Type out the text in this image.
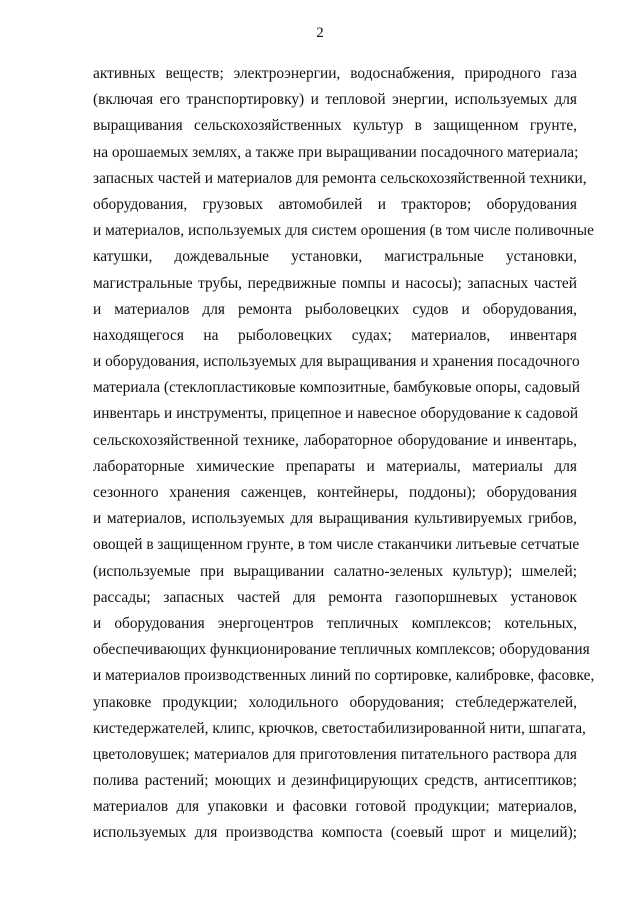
2
активных веществ; электроэнергии, водоснабжения, природного газа
(включая его транспортировку) и тепловой энергии, используемых для
выращивания сельскохозяйственных культур в защищенном грунте,
на орошаемых землях, а также при выращивании посадочного материала;
запасных частей и материалов для ремонта сельскохозяйственной техники,
оборудования, грузовых автомобилей и тракторов; оборудования
и материалов, используемых для систем орошения (в том числе поливочные
катушки, дождевальные установки, магистральные установки,
магистральные трубы, передвижные помпы и насосы); запасных частей
и материалов для ремонта рыболовецких судов и оборудования,
находящегося на рыболовецких судах; материалов, инвентаря
и оборудования, используемых для выращивания и хранения посадочного
материала (стеклопластиковые композитные, бамбуковые опоры, садовый
инвентарь и инструменты, прицепное и навесное оборудование к садовой
сельскохозяйственной технике, лабораторное оборудование и инвентарь,
лабораторные химические препараты и материалы, материалы для
сезонного хранения саженцев, контейнеры, поддоны); оборудования
и материалов, используемых для выращивания культивируемых грибов,
овощей в защищенном грунте, в том числе стаканчики литьевые сетчатые
(используемые при выращивании салатно-зеленых культур); шмелей;
рассады; запасных частей для ремонта газопоршневых установок
и оборудования энергоцентров тепличных комплексов; котельных,
обеспечивающих функционирование тепличных комплексов; оборудования
и материалов производственных линий по сортировке, калибровке, фасовке,
упаковке продукции; холодильного оборудования; стебледержателей,
кистедержателей, клипс, крючков, светостабилизированной нити, шпагата,
цветоловушек; материалов для приготовления питательного раствора для
полива растений; моющих и дезинфицирующих средств, антисептиков;
материалов для упаковки и фасовки готовой продукции; материалов,
используемых для производства компоста (соевый шрот и мицелий);
